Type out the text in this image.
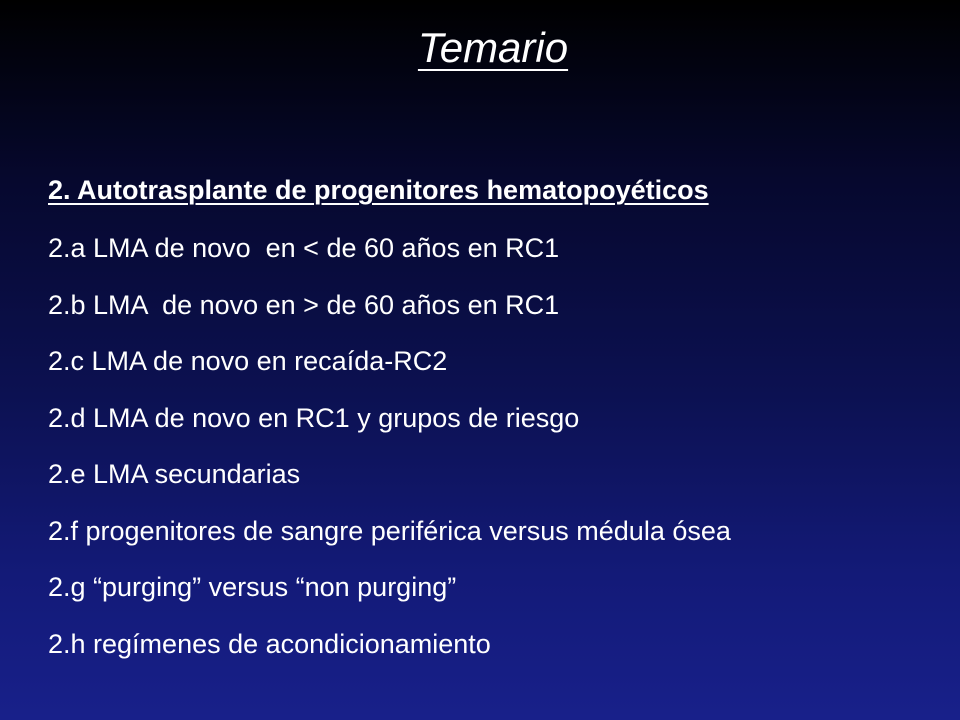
Temario

2. Autotrasplante de progenitores hematopoyéticos

2.a LMA de novo  en < de 60 años en RC1
2.b LMA  de novo en > de 60 años en RC1
2.c LMA de novo en recaída-RC2
2.d LMA de novo en RC1 y grupos de riesgo
2.e LMA secundarias
2.f progenitores de sangre periférica versus médula ósea
2.g “purging” versus “non purging”
2.h regímenes de acondicionamiento
